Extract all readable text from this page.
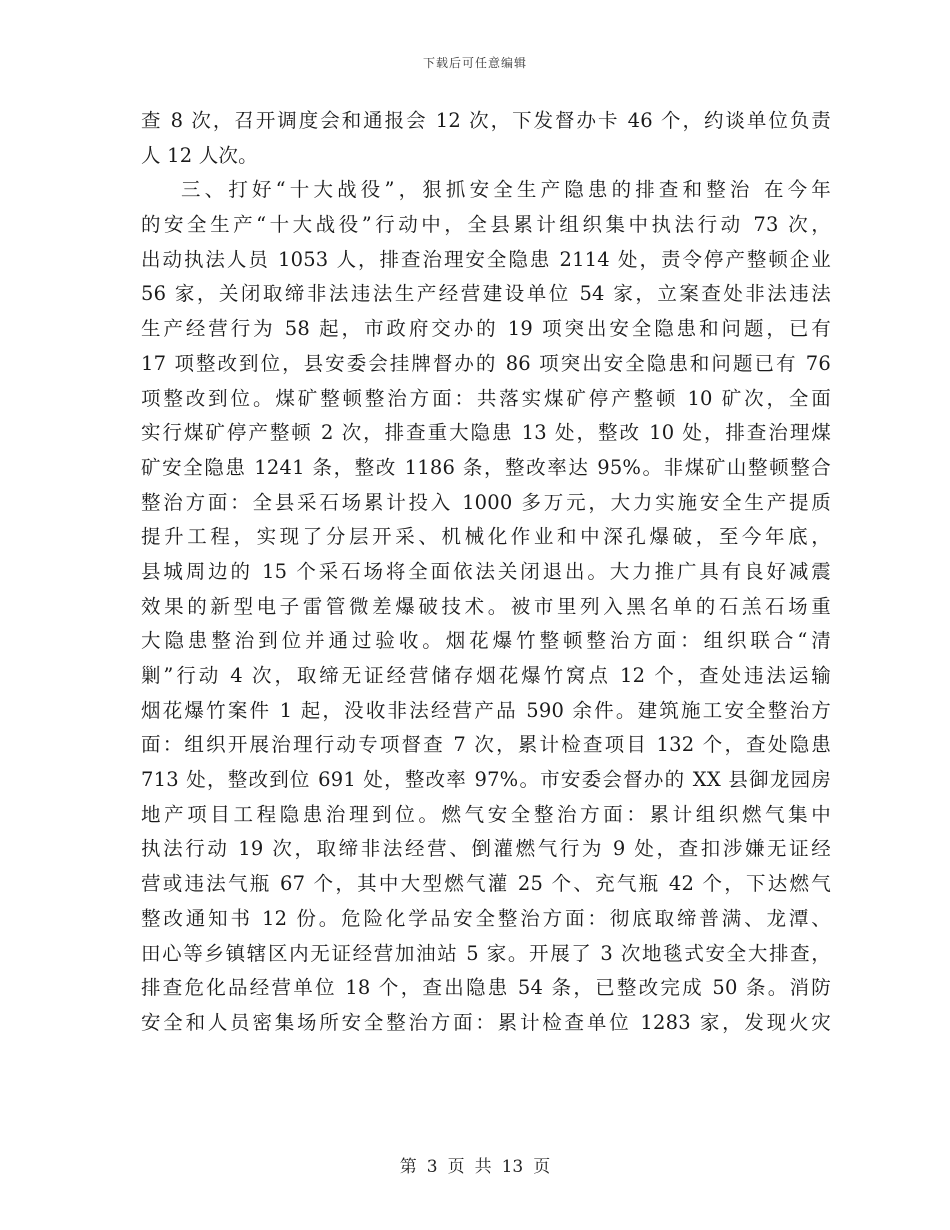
下载后可任意编辑
查 8 次，召开调度会和通报会 12 次，下发督办卡 46 个，约谈单位负责
人 12 人次。
三、打好“十大战役”，狠抓安全生产隐患的排查和整治 在今年
的安全生产“十大战役”行动中，全县累计组织集中执法行动 73 次，
出动执法人员 1053 人，排查治理安全隐患 2114 处，责令停产整顿企业
56 家，关闭取缔非法违法生产经营建设单位 54 家，立案查处非法违法
生产经营行为 58 起，市政府交办的 19 项突出安全隐患和问题，已有
17 项整改到位，县安委会挂牌督办的 86 项突出安全隐患和问题已有 76
项整改到位。煤矿整顿整治方面：共落实煤矿停产整顿 10 矿次，全面
实行煤矿停产整顿 2 次，排查重大隐患 13 处，整改 10 处，排查治理煤
矿安全隐患 1241 条，整改 1186 条，整改率达 95%。非煤矿山整顿整合
整治方面：全县采石场累计投入 1000 多万元，大力实施安全生产提质
提升工程，实现了分层开采、机械化作业和中深孔爆破，至今年底，
县城周边的 15 个采石场将全面依法关闭退出。大力推广具有良好减震
效果的新型电子雷管微差爆破技术。被市里列入黑名单的石羔石场重
大隐患整治到位并通过验收。烟花爆竹整顿整治方面：组织联合“清
剿”行动 4 次，取缔无证经营储存烟花爆竹窝点 12 个，查处违法运输
烟花爆竹案件 1 起，没收非法经营产品 590 余件。建筑施工安全整治方
面：组织开展治理行动专项督查 7 次，累计检查项目 132 个，查处隐患
713 处，整改到位 691 处，整改率 97%。市安委会督办的 XX 县御龙园房
地产项目工程隐患治理到位。燃气安全整治方面：累计组织燃气集中
执法行动 19 次，取缔非法经营、倒灌燃气行为 9 处，查扣涉嫌无证经
营或违法气瓶 67 个，其中大型燃气灌 25 个、充气瓶 42 个，下达燃气
整改通知书 12 份。危险化学品安全整治方面：彻底取缔普满、龙潭、
田心等乡镇辖区内无证经营加油站 5 家。开展了 3 次地毯式安全大排查，
排查危化品经营单位 18 个，查出隐患 54 条，已整改完成 50 条。消防
安全和人员密集场所安全整治方面：累计检查单位 1283 家，发现火灾
第 3 页 共 13 页
